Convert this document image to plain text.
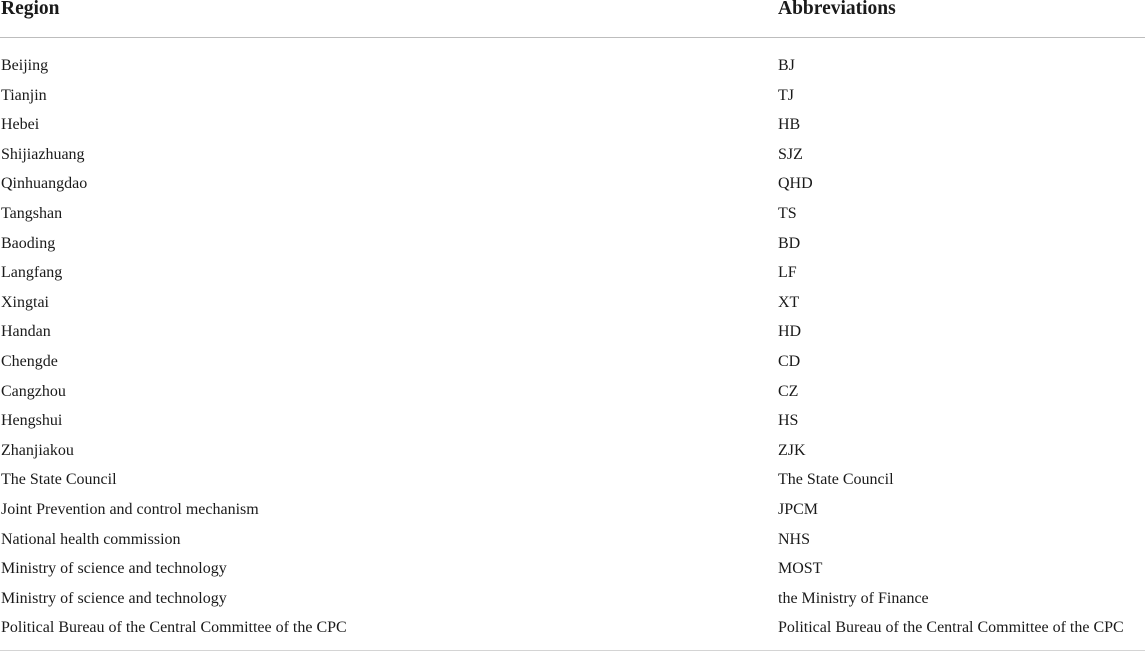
Region	Abbreviations
Beijing	BJ
Tianjin	TJ
Hebei	HB
Shijiazhuang	SJZ
Qinhuangdao	QHD
Tangshan	TS
Baoding	BD
Langfang	LF
Xingtai	XT
Handan	HD
Chengde	CD
Cangzhou	CZ
Hengshui	HS
Zhanjiakou	ZJK
The State Council	The State Council
Joint Prevention and control mechanism	JPCM
National health commission	NHS
Ministry of science and technology	MOST
Ministry of science and technology	the Ministry of Finance
Political Bureau of the Central Committee of the CPC	Political Bureau of the Central Committee of the CPC
